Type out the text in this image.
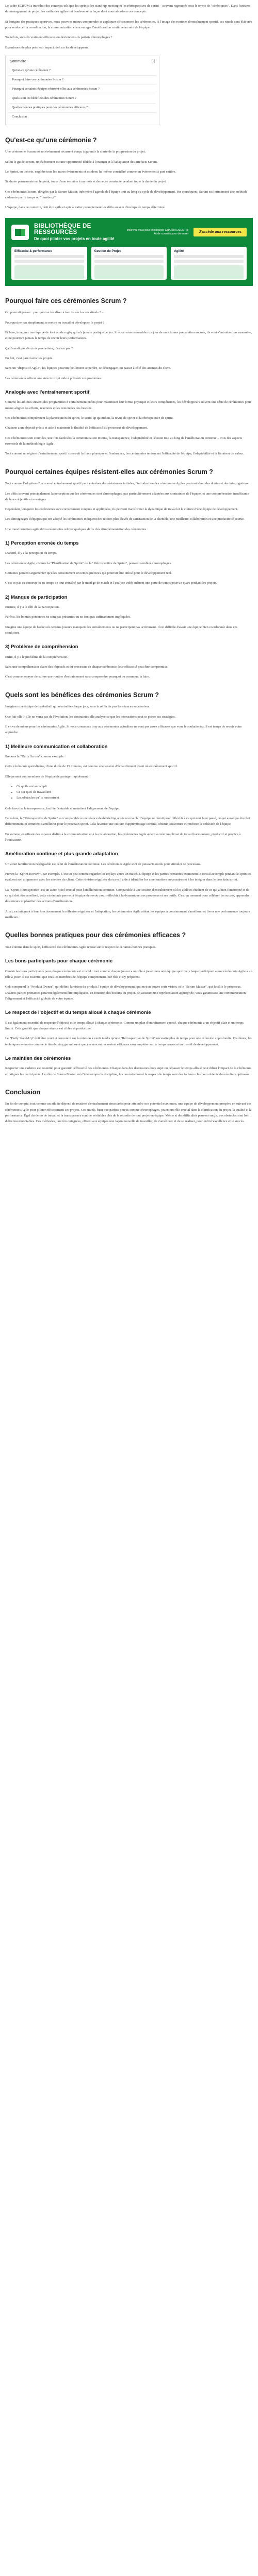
Le cadre SCRUM a introduit des concepts tels que les sprints, les stand-up meeting et les rétrospectives de sprint – souvent regroupés sous le terme de "cérémonies". Dans l'univers du management de projet, les méthodes agiles ont bouleversé la façon dont nous abordons ces concepts.

Si l'origine des pratiques sportives, nous pouvons mieux comprendre et appliquer efficacement les cérémonies. À l'image des routines d'entraînement sportif, ces rituels sont élaborés pour renforcer la coordination, la communication et encourager l'amélioration continue au sein de l'équipe.

Toutefois, sont-ils vraiment efficaces ou deviennent-ils parfois chronophages ?

Examinons de plus près leur impact réel sur les développeurs.

Sommaire	[-]
Qu'est-ce qu'une cérémonie ?
Pourquoi faire ces cérémonies Scrum ?
Pourquoi certaines équipes résistent-elles aux cérémonies Scrum ?
Quels sont les bénéfices des cérémonies Scrum ?
Quelles bonnes pratiques pour des cérémonies efficaces ?
Conclusion
Qu'est-ce qu'une cérémonie ?

Une cérémonie Scrum est un événement récurrent conçu à garantir la clarté de la progression du projet.

Selon le guide Scrum, un événement est une opportunité dédiée à l'examen et à l'adaptation des artefacts Scrum.

Le Sprint, en théorie, englobe tous les autres événements et est donc lui-même considéré comme un événement à part entière.

Sa durée permanente est le point, toute d'une semaine à un mois et demeure constante pendant toute la durée du projet.

Ces cérémonies Scrum, dirigées par le Scrum Master, informent l'agenda de l'équipe tout au long du cycle de développement. Par conséquent, Scrum est intimement une méthode cadencée par le temps ou "timeboxé".

L'équipe, dans ce contexte, doit être agile et apte à traiter promptement les défis au sein d'un laps de temps déterminé.

BIBLIOTHÈQUE DE RESSOURCES
De quoi piloter vos projets en toute agilité
Inscrivez-vous pour télécharger GRATUITEMENT le kit de conseils pour démarrer	J'accède aux ressources
Efficacité & performance	Gestion de Projet	Agilité
Pourquoi faire ces cérémonies Scrum ?

On pourrait penser : pourquoi se focaliser à tout va sur les ces rituels ? –

Pourquoi ne pas simplement se mettre au travail et développer le projet ?

Et bien, imaginez une équipe de foot ou de rugby qui n'a jamais pratiqué ce jeu. Si vous vous rassemblez un jour de match sans préparation aucune, ils vont s'entraîner pas ensemble, et ne pourront jamais le temps de revoir leurs performances.

Ça n'aurait pas d'en très prometteur, n'est-ce pas ?

En fait, c'est pareil avec les projets.

Sans un "dispositif Agile", les équipes peuvent facilement se perdre, se désengager, ou passer à côté des attentes du client.

Les cérémonies offrent une structure qui aide à prévenir ces problèmes.

Analogie avec l'entraînement sportif

Comme les athlètes suivent des programmes d'entraînement précis pour maximiser leur forme physique et leurs compétences, les développeurs suivent une série de cérémonies pour mieux aligner les efforts, réactions et les remontées des besoins.

Ces cérémonies comprennent la planification du sprint, le stand-up quotidien, la revue de sprint et la rétrospective de sprint.

Chacune a un objectif précis et aide à maintenir la fluidité de l'efficacité du processus de développement.

Ces cérémonies sont conviées, une fois facilitées la communication interne, la transparence, l'adaptabilité et l'écoute tout au long de l'amélioration continue – trois des aspects essentiels de la méthodologie Agile.

Tout comme un régime d'entraînement sportif construit la force physique et l'endurance, les cérémonies renforcent l'efficacité de l'équipe, l'adaptabilité et la livraison de valeur.

Pourquoi certaines équipes résistent-elles aux cérémonies Scrum ?

Tout comme l'adoption d'un nouvel entraînement sportif peut entraîner des résistances initiales, l'introduction des cérémonies Agiles peut entraîner des doutes et des interrogations.

Les défis souvent principalement la perception que les cérémonies sont chronophages, pas particulièrement adaptées aux contraintes de l'équipe, et une compréhension insuffisante de leurs objectifs et avantages.

Cependant, lorsqu'on les cérémonies sont correctement conçues et appliquées, ils peuvent transformer la dynamique de travail et la culture d'une équipe de développement.

Les témoignages d'équipes qui ont adopté les cérémonies indiquent des retours plus élevés de satisfaction de la clientèle, une meilleure collaboration et une productivité accrue.

Une transformation agile devra néanmoins relever quelques défis clés d'implémentation des cérémonies :

1) Perception erronée du temps

D'abord, il y a la perception du temps.

Les cérémonies Agile, comme la "Planification de Sprint" ou la "Rétrospective de Sprint", peuvent sembler chronophages.

Certaines peuvent argumenter qu'elles consomment un temps précieux qui pourrait être utilisé pour le développement réel.

C'est ce pas au contexte et au temps de tout entraîné par le manège de match et l'analyse vidéo mènent une perte de temps pour un quart pendant les projets.

2) Manque de participation

Ensuite, il y a le défi de la participation.

Parfois, les bonnes personnes ne sont pas présentes ou ne sont pas suffisamment impliquées.

Imagine une équipe de basket où certains joueurs manquent les entraînements ou ne participent pas activement. Il est difficile d'avoir une équipe bien coordonnée dans ces conditions.

3) Problème de compréhension

Enfin, il y a le problème de la compréhension.

Sans une compréhension claire des objectifs et du processus de chaque cérémonie, leur efficacité peut être compromise.

C'est comme essayer de suivre une routine d'entraînement sans comprendre pourquoi ou comment la faire.

Quels sont les bénéfices des cérémonies Scrum ?

Imaginez une équipe de basketball qui n'entraîne chaque jour, sans la réfléchir pas les séances successives.

Que fait-elle ? Elle ne verra pas de l'évolution, les contraintes elle analyse ce que les interactions peut se porter ses stratégies.

Il en va de même pour les cérémonies Agile. Si vous consacrez trop aux cérémonies actualiser ne sont pas assez efficaces que vous le souhaiteriez, il est temps de revoir votre approche.

1) Meilleure communication et collaboration

Prenons la "Daily Scrum" comme exemple.

Cette cérémonie quotidienne, d'une durée de 15 minutes, est comme une session d'échauffement avant un entraînement sportif.

Elle permet aux membres de l'équipe de partager rapidement :

• Ce qu'ils ont accompli
• Ce sur quoi ils travaillent
• Les obstacles qu'ils rencontrent

Cela favorise la transparence, facilite l'entraide et maintient l'alignement de l'équipe.

De même, la "Rétrospective de Sprint" est comparable à une séance de débriefing après un match. L'équipe se réunit pour réfléchir à ce qui s'est bien passé, ce qui aurait pu être fait différemment et comment s'améliorer pour le prochain sprint. Cela favorise une culture d'apprentissage continu, obtenir l'ouverture et renforce la cohésion de l'équipe.

En somme, en offrant des espaces dédiés à la communication et à la collaboration, les cérémonies Agile aident à créer un climat de travail harmonieux, productif et propice à l'innovation.

Amélioration continue et plus grande adaptation

Un atout familier non négligeable est celui de l'amélioration continue. Les cérémonies Agile sont de puissants outils pour stimuler ce processus.

Prenez la "Sprint Review", par exemple. C'est un peu comme regarder les replays après un match. L'équipe et les parties prenantes examinent le travail accompli pendant le sprint et évaluent son alignement avec les attentes du client. Cette révision régulière du travail aide à identifier les améliorations nécessaires et à les intégrer dans le prochain sprint.

La "Sprint Retrospective" est un autre rituel crucial pour l'amélioration continue. Comparable à une session d'entraînement où les athlètes étudient de ce qui a bien fonctionné et de ce qui doit être amélioré, cette cérémonie permet à l'équipe de revoir pour réfléchir à la dynamique, ses processus et ses outils. C'est un moment pour célébrer les succès, apprendre des erreurs et planifier des actions d'amélioration.

Ainsi, en intégrant à leur fonctionnement la réflexion régulière et l'adaptation, les cérémonies Agile aident les équipes à constamment s'améliorer et livrer une performance toujours meilleure.

Quelles bonnes pratiques pour des cérémonies efficaces ?

Tout comme dans le sport, l'efficacité des cérémonies Agile repose sur le respect de certaines bonnes pratiques.

Les bons participants pour chaque cérémonie

Choisir les bons participants pour chaque cérémonie est crucial : tout comme chaque joueur a un rôle à jouer dans une équipe sportive, chaque participant a une cérémonie Agile a un rôle à jouer. Il est essentiel que tous les membres de l'équipe comprennent leur rôle et s'y préparent.

Cela comprend le "Product Owner", qui définit la vision du produit, l'équipe de développement, qui met en œuvre cette vision, et le "Scrum Master", qui facilite le processus. D'autres parties prenantes peuvent également être impliquées, en fonction des besoins du projet. En assurant une représentation appropriée, vous garantissez une communication, l'alignement et l'efficacité globale de votre équipe.

Le respect de l'objectif et du temps alloué à chaque cérémonie

Il est également essentiel de respecter l'objectif et le temps alloué à chaque cérémonie. Comme un plan d'entraînement sportif, chaque cérémonie a un objectif clair et un temps limité. Cela garantit que chaque séance est ciblée et productive.

Le "Daily Stand-Up" doit être court et concentré sur la mission à venir tandis qu'une "Rétrospective de Sprint" nécessite plus de temps pour une réflexion approfondie. D'ailleurs, les techniques avancées comme le timeboxing garantissent que ces rencontres restent efficaces sans empiéter sur le temps consacré au travail de développement.

Le maintien des cérémonies

Respecter une cadence est essentiel pour garantir l'efficacité des cérémonies. Chaque dans des discussions hors sujet ou dépasser le temps alloué peut diluer l'impact de la cérémonie et fatiguer les participants. Le rôle de Scrum Master est d'interrompre la discipline, la concentration et le respect du temps sont des facteurs clés pour obtenir des résultats optimaux.

Conclusion

En fin de compte, tout comme un athlète dépend de routines d'entraînement structurées pour atteindre son potentiel maximum, une équipe de développement prospère en suivant des cérémonies Agile pour piloter efficacement ses projets. Ces rituels, bien que parfois perçus comme chronophages, jouent un rôle crucial dans la clarification du projet, la qualité et la performance. Égal du démo de travail et la transparence sont de véritables clés de la réussite de tout projet en équipe. Même si des difficultés peuvent surgir, ces obstacles sont loin d'être insurmontables. Ces méthodes, une fois intégrées, offrent aux équipes une façon nouvelle de travailler, de s'améliorer et de se réaliser, pour enfin l'excellence et le succès.
